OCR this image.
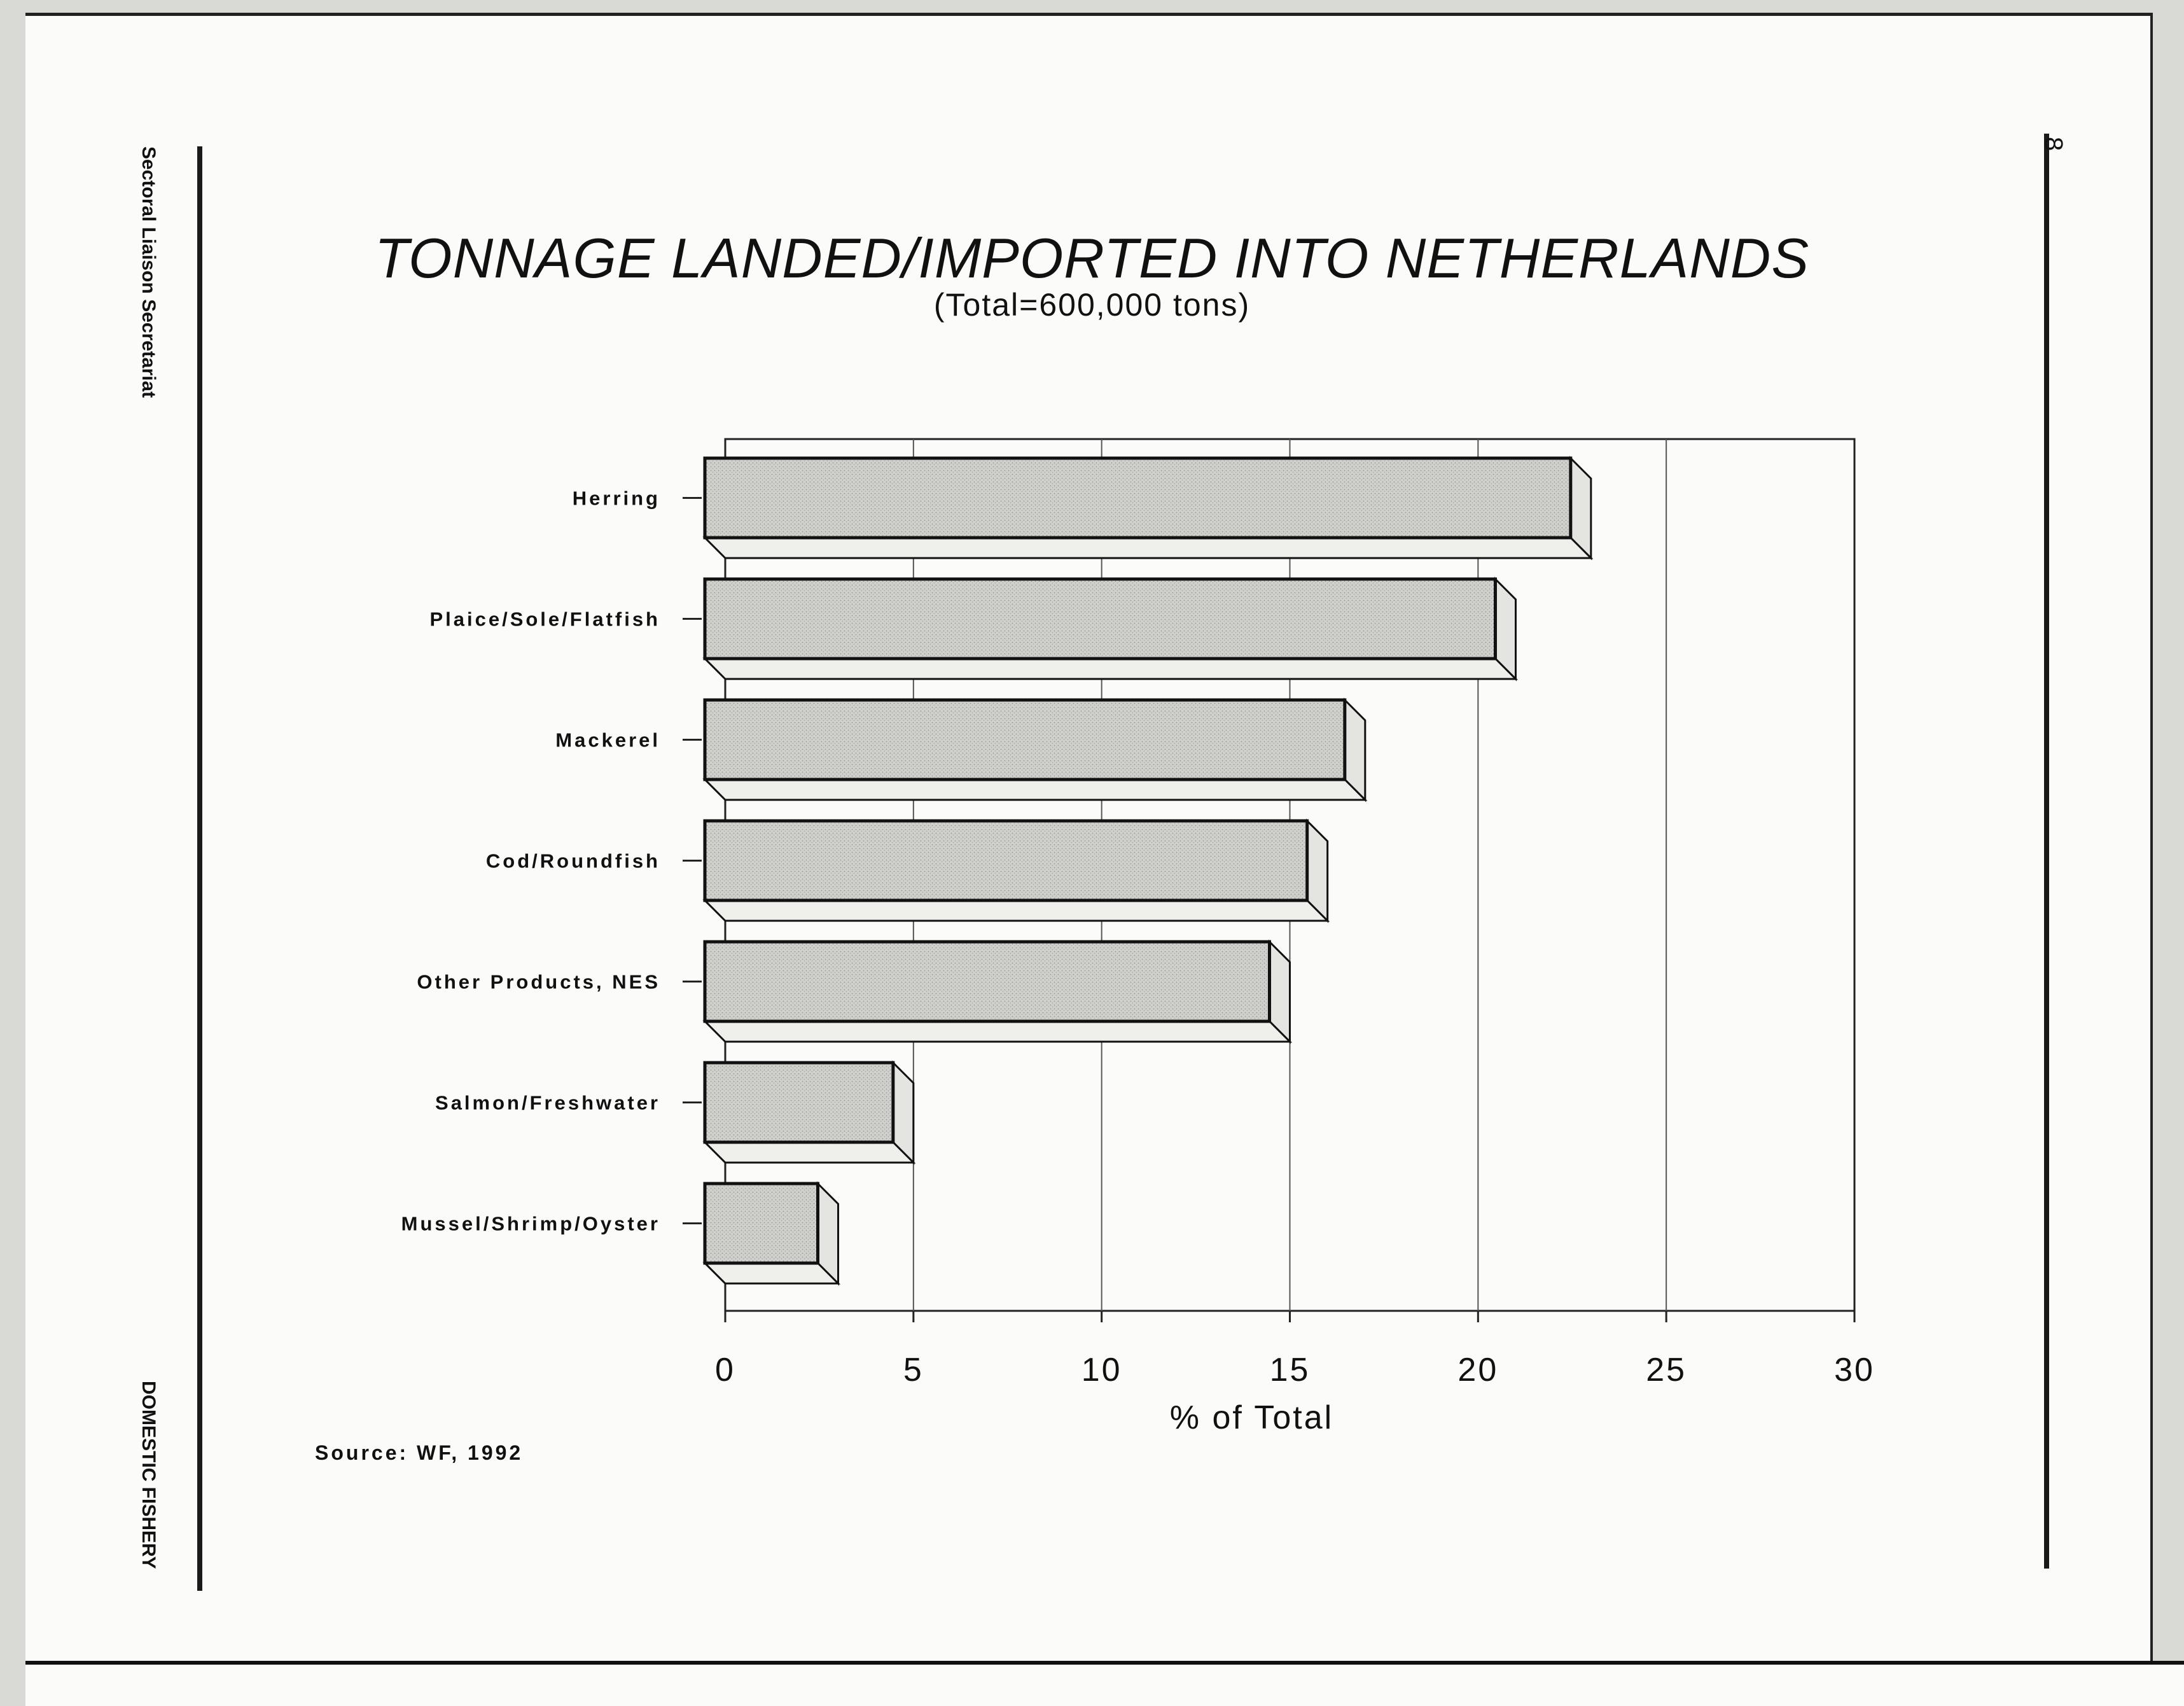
Sectoral Liaison Secretariat
DOMESTIC FISHERY
8
TONNAGE LANDED/IMPORTED INTO NETHERLANDS
(Total=600,000 tons)
0	5	10	15	20	25	30
% of Total
Herring
Plaice/Sole/Flatfish
Mackerel
Cod/Roundfish
Other Products, NES
Salmon/Freshwater
Mussel/Shrimp/Oyster
Source: WF, 1992
